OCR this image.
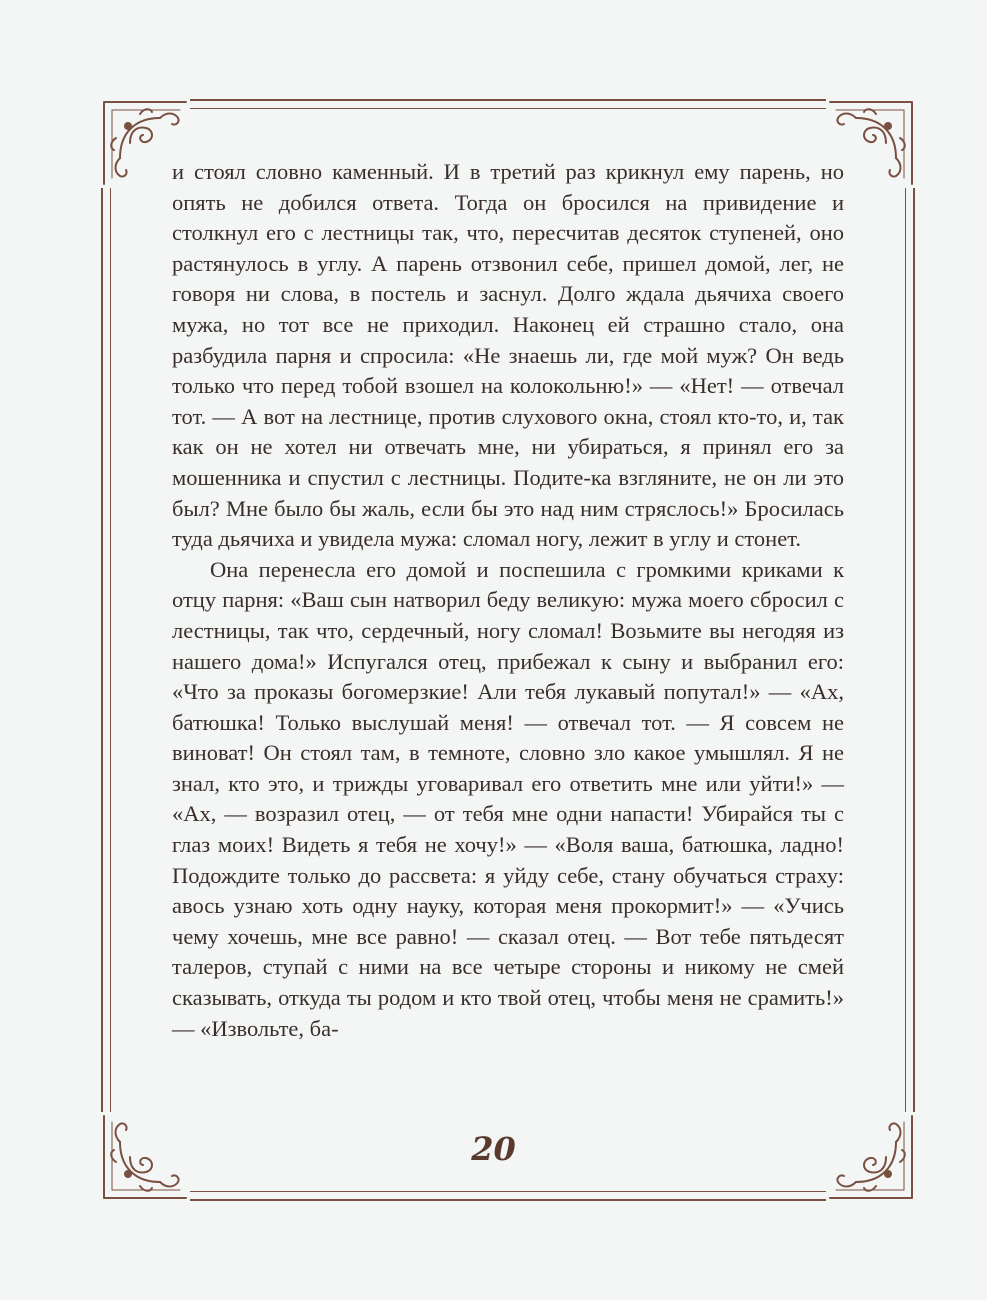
и стоял словно каменный. И в третий раз крикнул ему парень, но опять не добился ответа. Тогда он бросился на привидение и столкнул его с лестницы так, что, пересчитав десяток ступеней, оно растянулось в углу. А парень отзвонил себе, пришел домой, лег, не говоря ни слова, в постель и заснул. Долго ждала дьячиха своего мужа, но тот все не приходил. Наконец ей страшно стало, она разбудила парня и спросила: «Не знаешь ли, где мой муж? Он ведь только что перед тобой взошел на колокольню!» — «Нет! — отвечал тот. — А вот на лестнице, против слухового окна, стоял кто-то, и, так как он не хотел ни отвечать мне, ни убираться, я принял его за мошенника и спустил с лестницы. Подите-ка взгляните, не он ли это был? Мне было бы жаль, если бы это над ним стряслось!» Бросилась туда дьячиха и увидела мужа: сломал ногу, лежит в углу и стонет.

Она перенесла его домой и поспешила с громкими криками к отцу парня: «Ваш сын натворил беду великую: мужа моего сбросил с лестницы, так что, сердечный, ногу сломал! Возьмите вы негодяя из нашего дома!» Испугался отец, прибежал к сыну и выбранил его: «Что за проказы богомерзкие! Али тебя лукавый попутал!» — «Ах, батюшка! Только выслушай меня! — отвечал тот. — Я совсем не виноват! Он стоял там, в темноте, словно зло какое умышлял. Я не знал, кто это, и трижды уговаривал его ответить мне или уйти!» — «Ах, — возразил отец, — от тебя мне одни напасти! Убирайся ты с глаз моих! Видеть я тебя не хочу!» — «Воля ваша, батюшка, ладно! Подождите только до рассвета: я уйду себе, стану обучаться страху: авось узнаю хоть одну науку, которая меня прокормит!» — «Учись чему хочешь, мне все равно! — сказал отец. — Вот тебе пятьдесят талеров, ступай с ними на все четыре стороны и никому не смей сказывать, откуда ты родом и кто твой отец, чтобы меня не срамить!» — «Извольте, ба-

20
